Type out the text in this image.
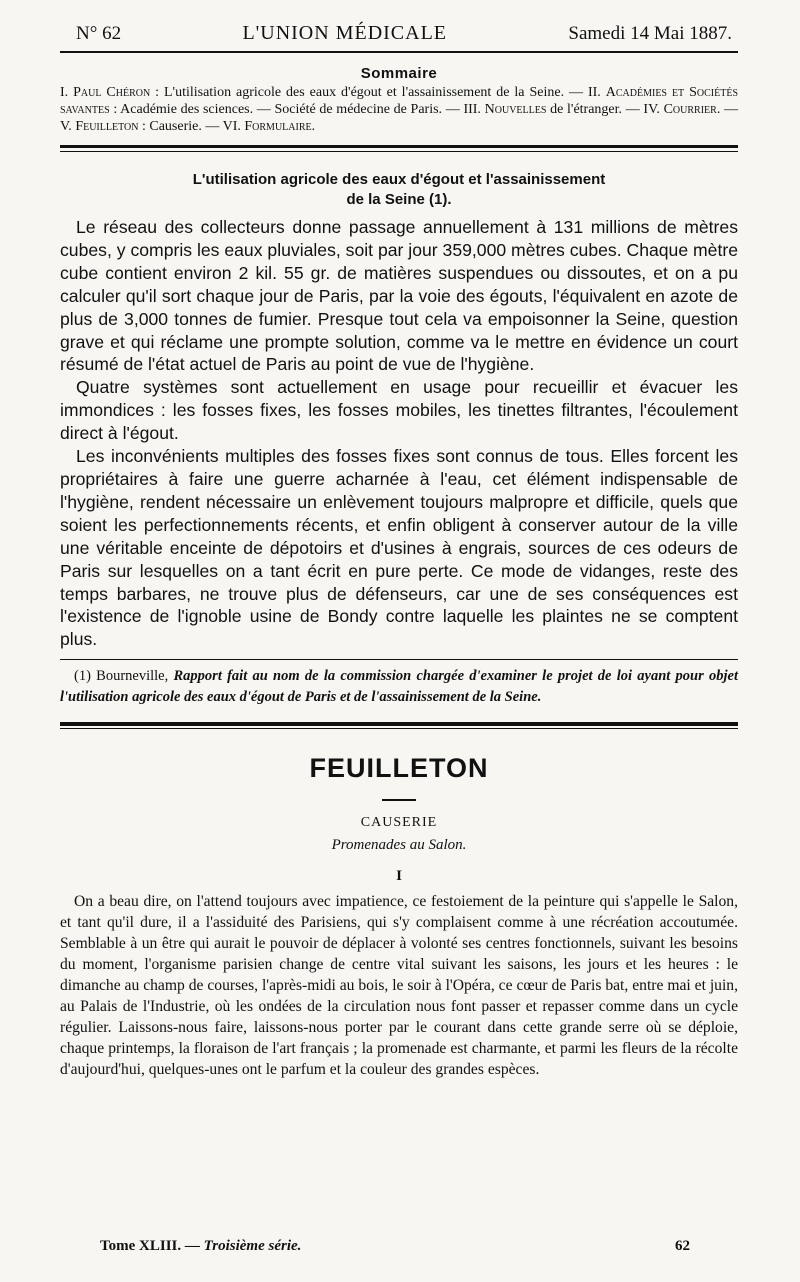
N° 62	L'UNION MÉDICALE	Samedi 14 Mai 1887.
Sommaire
I. Paul Chéron : L'utilisation agricole des eaux d'égout et l'assainissement de la Seine. — II. Académies et Sociétés savantes : Académie des sciences. — Société de médecine de Paris. — III. Nouvelles de l'étranger. — IV. Courrier. — V. Feuilleton : Causerie. — VI. Formulaire.
L'utilisation agricole des eaux d'égout et l'assainissement
de la Seine (1).

Le réseau des collecteurs donne passage annuellement à 131 millions de mètres cubes, y compris les eaux pluviales, soit par jour 359,000 mètres cubes. Chaque mètre cube contient environ 2 kil. 55 gr. de matières suspendues ou dissoutes, et on a pu calculer qu'il sort chaque jour de Paris, par la voie des égouts, l'équivalent en azote de plus de 3,000 tonnes de fumier. Presque tout cela va empoisonner la Seine, question grave et qui réclame une prompte solution, comme va le mettre en évidence un court résumé de l'état actuel de Paris au point de vue de l'hygiène.

Quatre systèmes sont actuellement en usage pour recueillir et évacuer les immondices : les fosses fixes, les fosses mobiles, les tinettes filtrantes, l'écoulement direct à l'égout.

Les inconvénients multiples des fosses fixes sont connus de tous. Elles forcent les propriétaires à faire une guerre acharnée à l'eau, cet élément indispensable de l'hygiène, rendent nécessaire un enlèvement toujours malpropre et difficile, quels que soient les perfectionnements récents, et enfin obligent à conserver autour de la ville une véritable enceinte de dépotoirs et d'usines à engrais, sources de ces odeurs de Paris sur lesquelles on a tant écrit en pure perte. Ce mode de vidanges, reste des temps barbares, ne trouve plus de défenseurs, car une de ses conséquences est l'existence de l'ignoble usine de Bondy contre laquelle les plaintes ne se comptent plus.

(1) Bourneville, Rapport fait au nom de la commission chargée d'examiner le projet de loi ayant pour objet l'utilisation agricole des eaux d'égout de Paris et de l'assainissement de la Seine.
FEUILLETON
CAUSERIE
Promenades au Salon.
I

On a beau dire, on l'attend toujours avec impatience, ce festoiement de la peinture qui s'appelle le Salon, et tant qu'il dure, il a l'assiduité des Parisiens, qui s'y complaisent comme à une récréation accoutumée. Semblable à un être qui aurait le pouvoir de déplacer à volonté ses centres fonctionnels, suivant les besoins du moment, l'organisme parisien change de centre vital suivant les saisons, les jours et les heures : le dimanche au champ de courses, l'après-midi au bois, le soir à l'Opéra, ce cœur de Paris bat, entre mai et juin, au Palais de l'Industrie, où les ondées de la circulation nous font passer et repasser comme dans un cycle régulier. Laissons-nous faire, laissons-nous porter par le courant dans cette grande serre où se déploie, chaque printemps, la floraison de l'art français ; la promenade est charmante, et parmi les fleurs de la récolte d'aujourd'hui, quelques-unes ont le parfum et la couleur des grandes espèces.

Tome XLIII. — Troisième série.	62
